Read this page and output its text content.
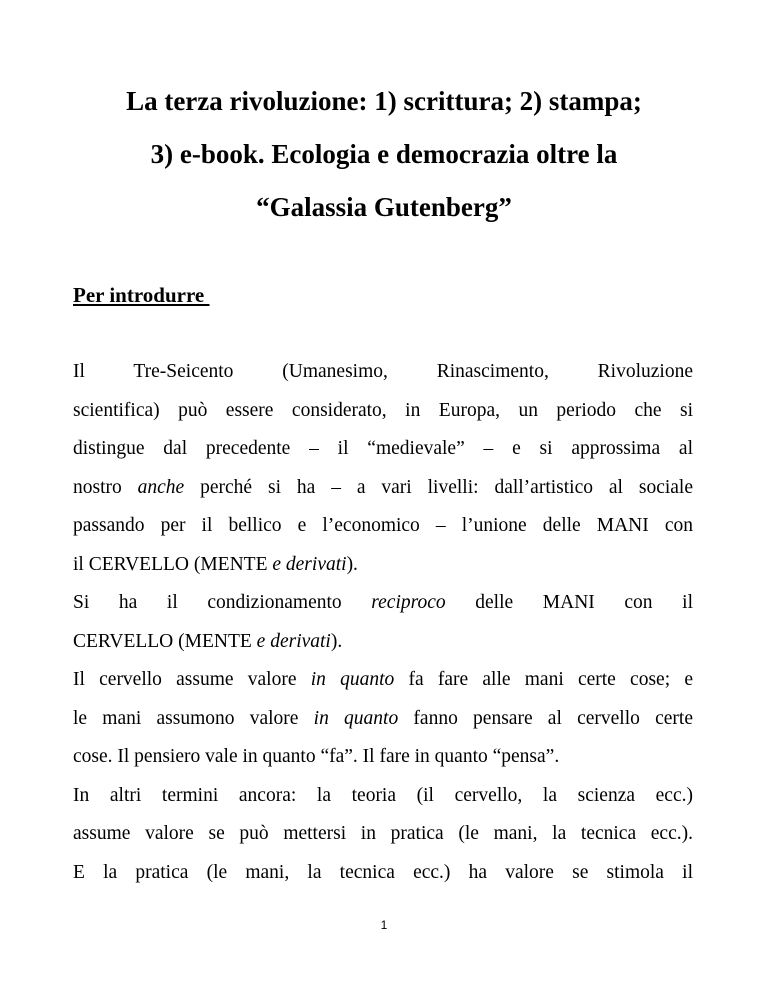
La terza rivoluzione: 1) scrittura; 2) stampa;
3) e-book. Ecologia e democrazia oltre la
“Galassia Gutenberg”
Per introdurre
Il Tre-Seicento (Umanesimo, Rinascimento, Rivoluzione
scientifica) può essere considerato, in Europa, un periodo che si
distingue dal precedente – il “medievale” – e si approssima al
nostro anche perché si ha – a vari livelli: dall’artistico al sociale
passando per il bellico e l’economico – l’unione delle MANI con
il CERVELLO (MENTE e derivati).
Si ha il condizionamento reciproco delle MANI con il
CERVELLO (MENTE e derivati).
Il cervello assume valore in quanto fa fare alle mani certe cose; e
le mani assumono valore in quanto fanno pensare al cervello certe
cose. Il pensiero vale in quanto “fa”. Il fare in quanto “pensa”.
In altri termini ancora: la teoria (il cervello, la scienza ecc.)
assume valore se può mettersi in pratica (le mani, la tecnica ecc.).
E la pratica (le mani, la tecnica ecc.) ha valore se stimola il
1
